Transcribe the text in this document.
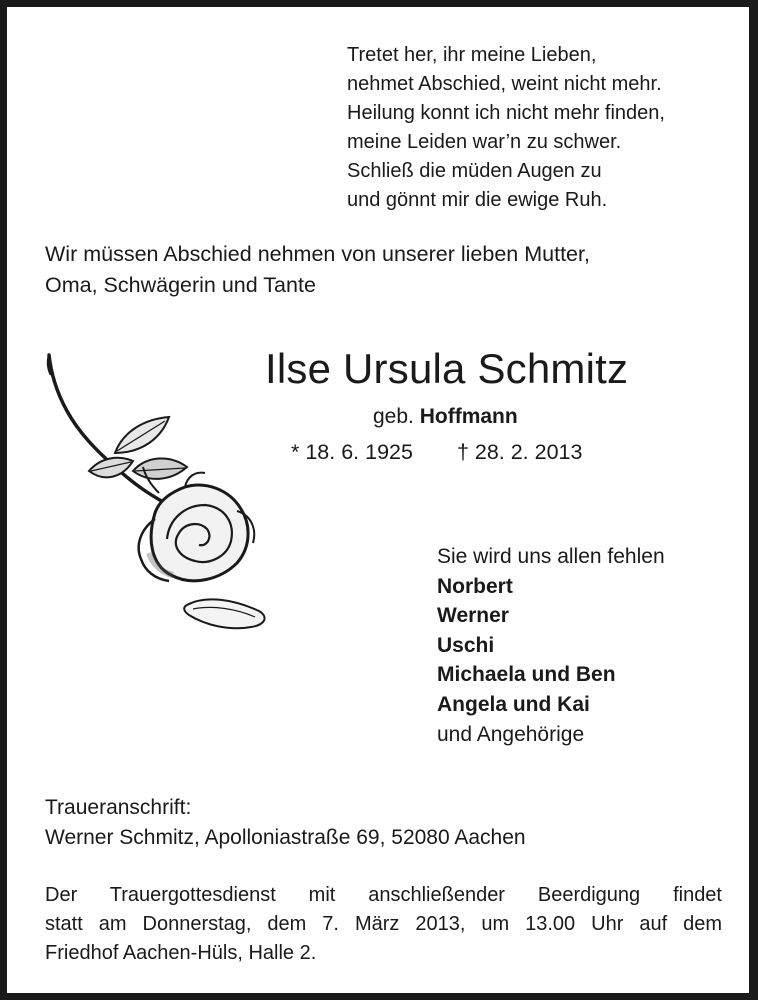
Tretet her, ihr meine Lieben,
nehmet Abschied, weint nicht mehr.
Heilung konnt ich nicht mehr finden,
meine Leiden war’n zu schwer.
Schließ die müden Augen zu
und gönnt mir die ewige Ruh.
Wir müssen Abschied nehmen von unserer lieben Mutter,
Oma, Schwägerin und Tante
Ilse Ursula Schmitz
geb. Hoffmann
* 18. 6. 1925 † 28. 2. 2013
Sie wird uns allen fehlen
Norbert
Werner
Uschi
Michaela und Ben
Angela und Kai
und Angehörige
Traueranschrift:
Werner Schmitz, Apolloniastraße 69, 52080 Aachen
Der Trauergottesdienst mit anschließender Beerdigung findet
statt am Donnerstag, dem 7. März 2013, um 13.00 Uhr auf dem
Friedhof Aachen-Hüls, Halle 2.
